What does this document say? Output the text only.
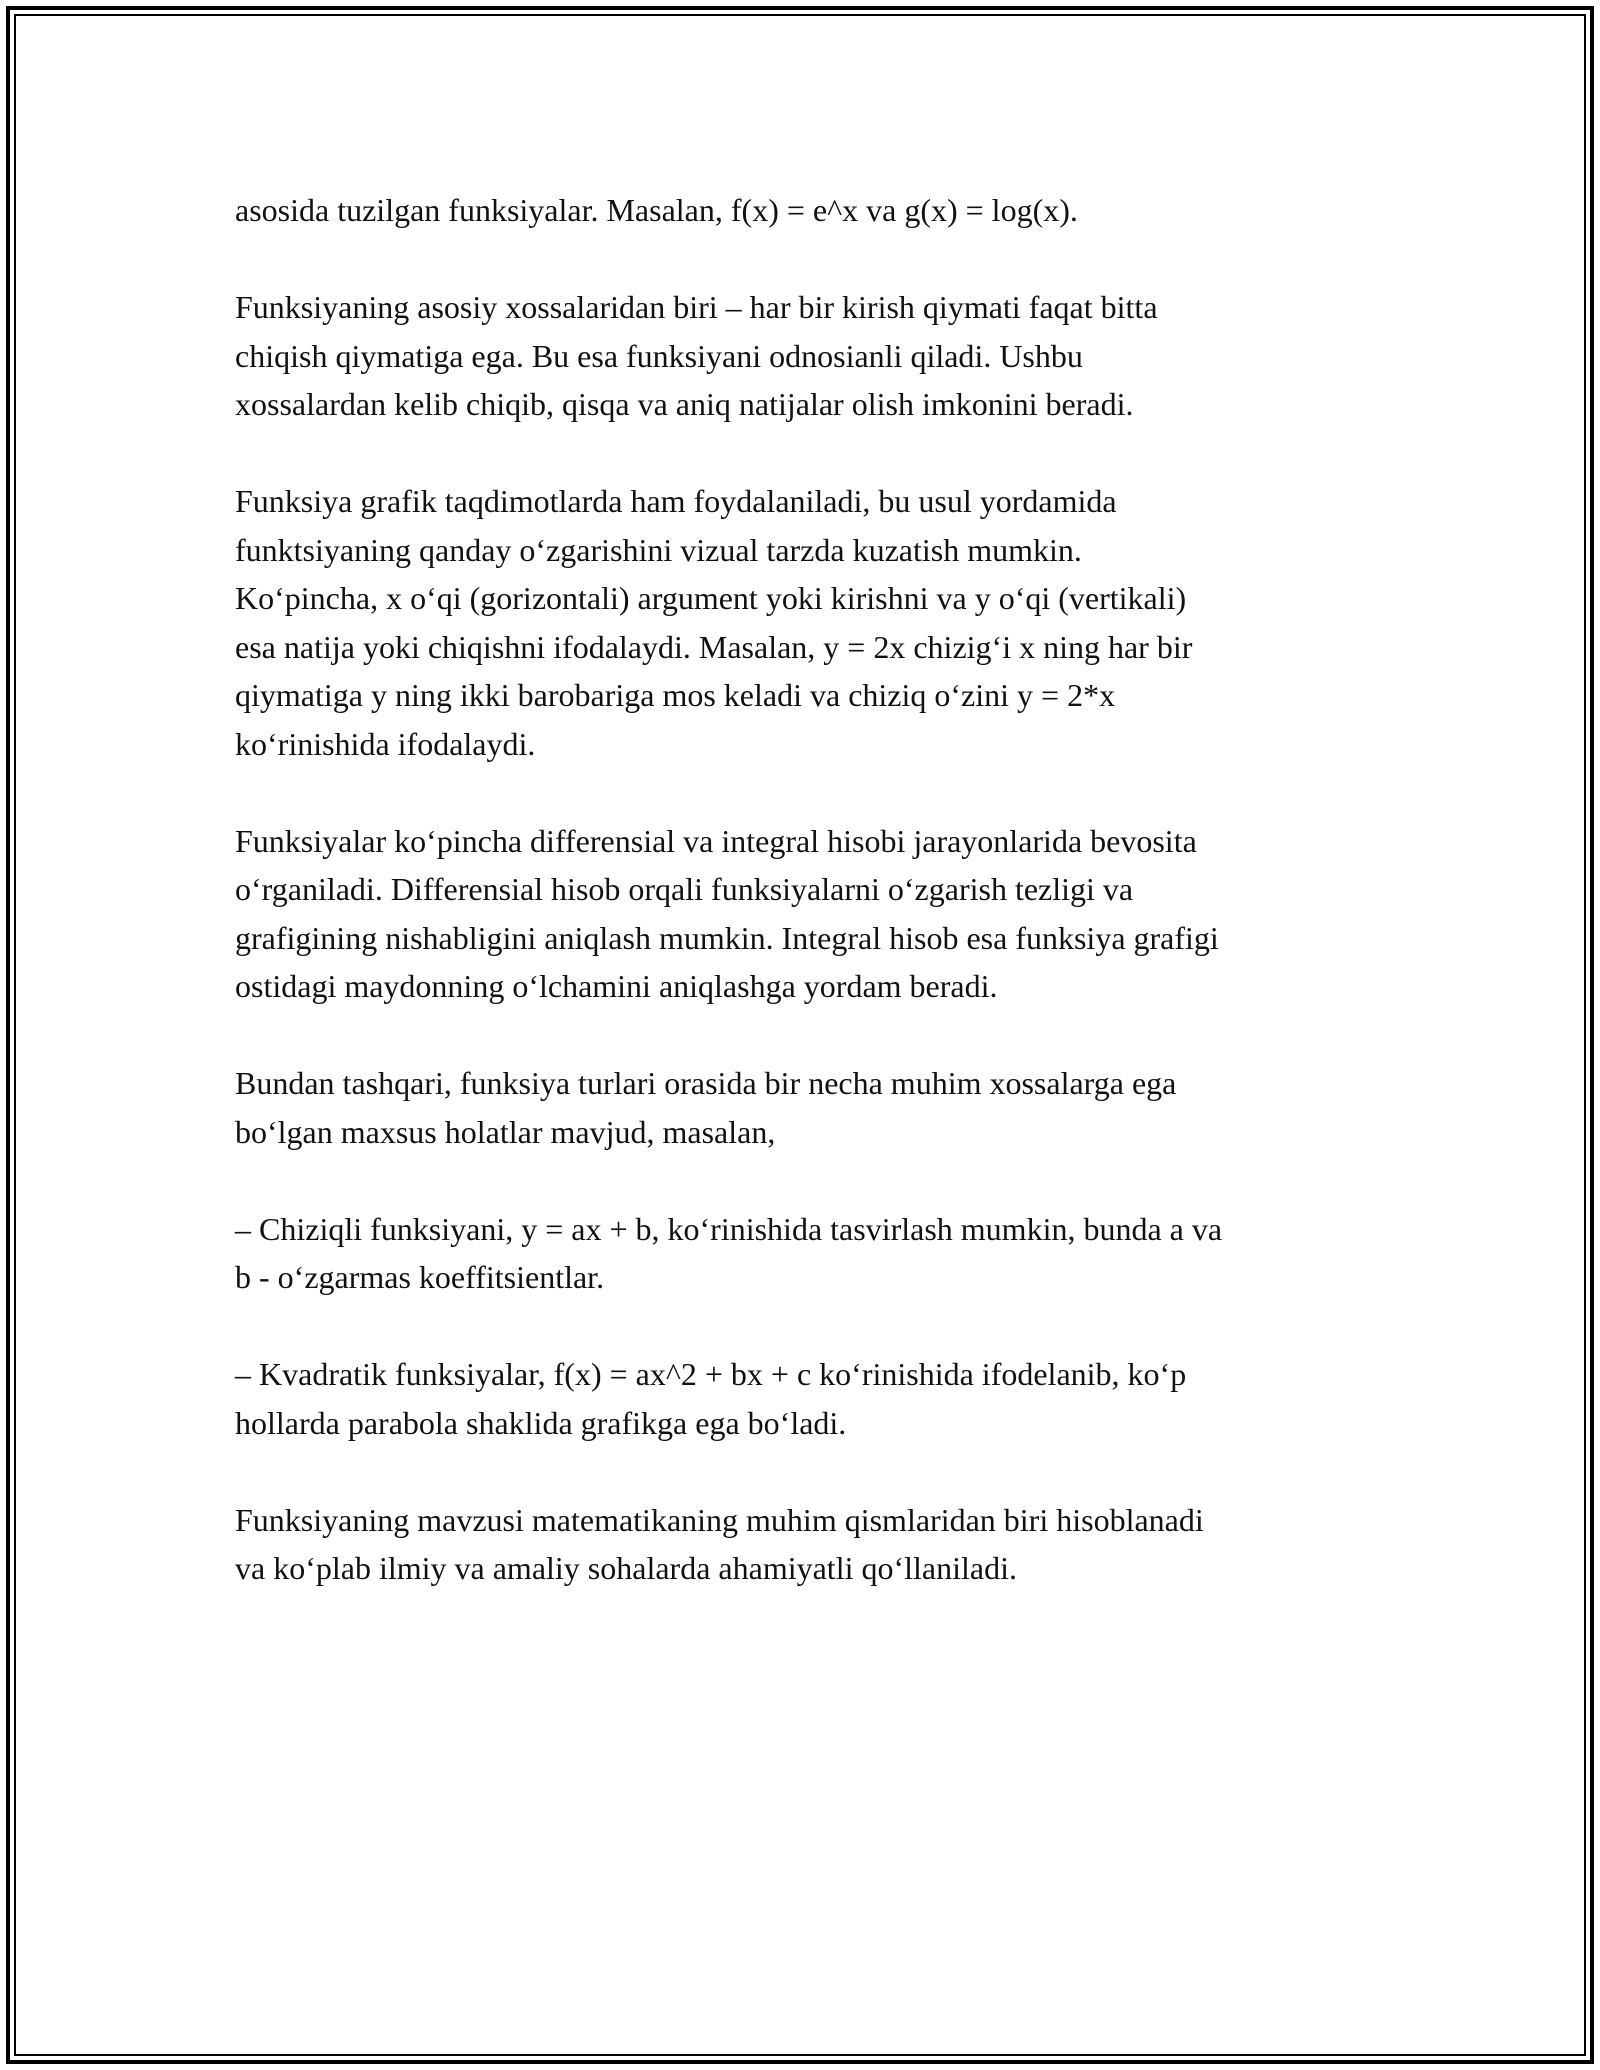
asosida tuzilgan funksiyalar. Masalan, f(x) = e^x va g(x) = log(x).

Funksiyaning asosiy xossalaridan biri – har bir kirish qiymati faqat bitta
chiqish qiymatiga ega. Bu esa funksiyani odnosianli qiladi. Ushbu
xossalardan kelib chiqib, qisqa va aniq natijalar olish imkonini beradi.

Funksiya grafik taqdimotlarda ham foydalaniladi, bu usul yordamida
funktsiyaning qanday oʻzgarishini vizual tarzda kuzatish mumkin.
Koʻpincha, x oʻqi (gorizontali) argument yoki kirishni va y oʻqi (vertikali)
esa natija yoki chiqishni ifodalaydi. Masalan, y = 2x chizigʻi x ning har bir
qiymatiga y ning ikki barobariga mos keladi va chiziq oʻzini y = 2*x
koʻrinishida ifodalaydi.

Funksiyalar koʻpincha differensial va integral hisobi jarayonlarida bevosita
oʻrganiladi. Differensial hisob orqali funksiyalarni oʻzgarish tezligi va
grafigining nishabligini aniqlash mumkin. Integral hisob esa funksiya grafigi
ostidagi maydonning oʻlchamini aniqlashga yordam beradi.

Bundan tashqari, funksiya turlari orasida bir necha muhim xossalarga ega
boʻlgan maxsus holatlar mavjud, masalan,

– Chiziqli funksiyani, y = ax + b, koʻrinishida tasvirlash mumkin, bunda a va
b - oʻzgarmas koeffitsientlar.

– Kvadratik funksiyalar, f(x) = ax^2 + bx + c koʻrinishida ifodelanib, koʻp
hollarda parabola shaklida grafikga ega boʻladi.

Funksiyaning mavzusi matematikaning muhim qismlaridan biri hisoblanadi
va koʻplab ilmiy va amaliy sohalarda ahamiyatli qoʻllaniladi.
